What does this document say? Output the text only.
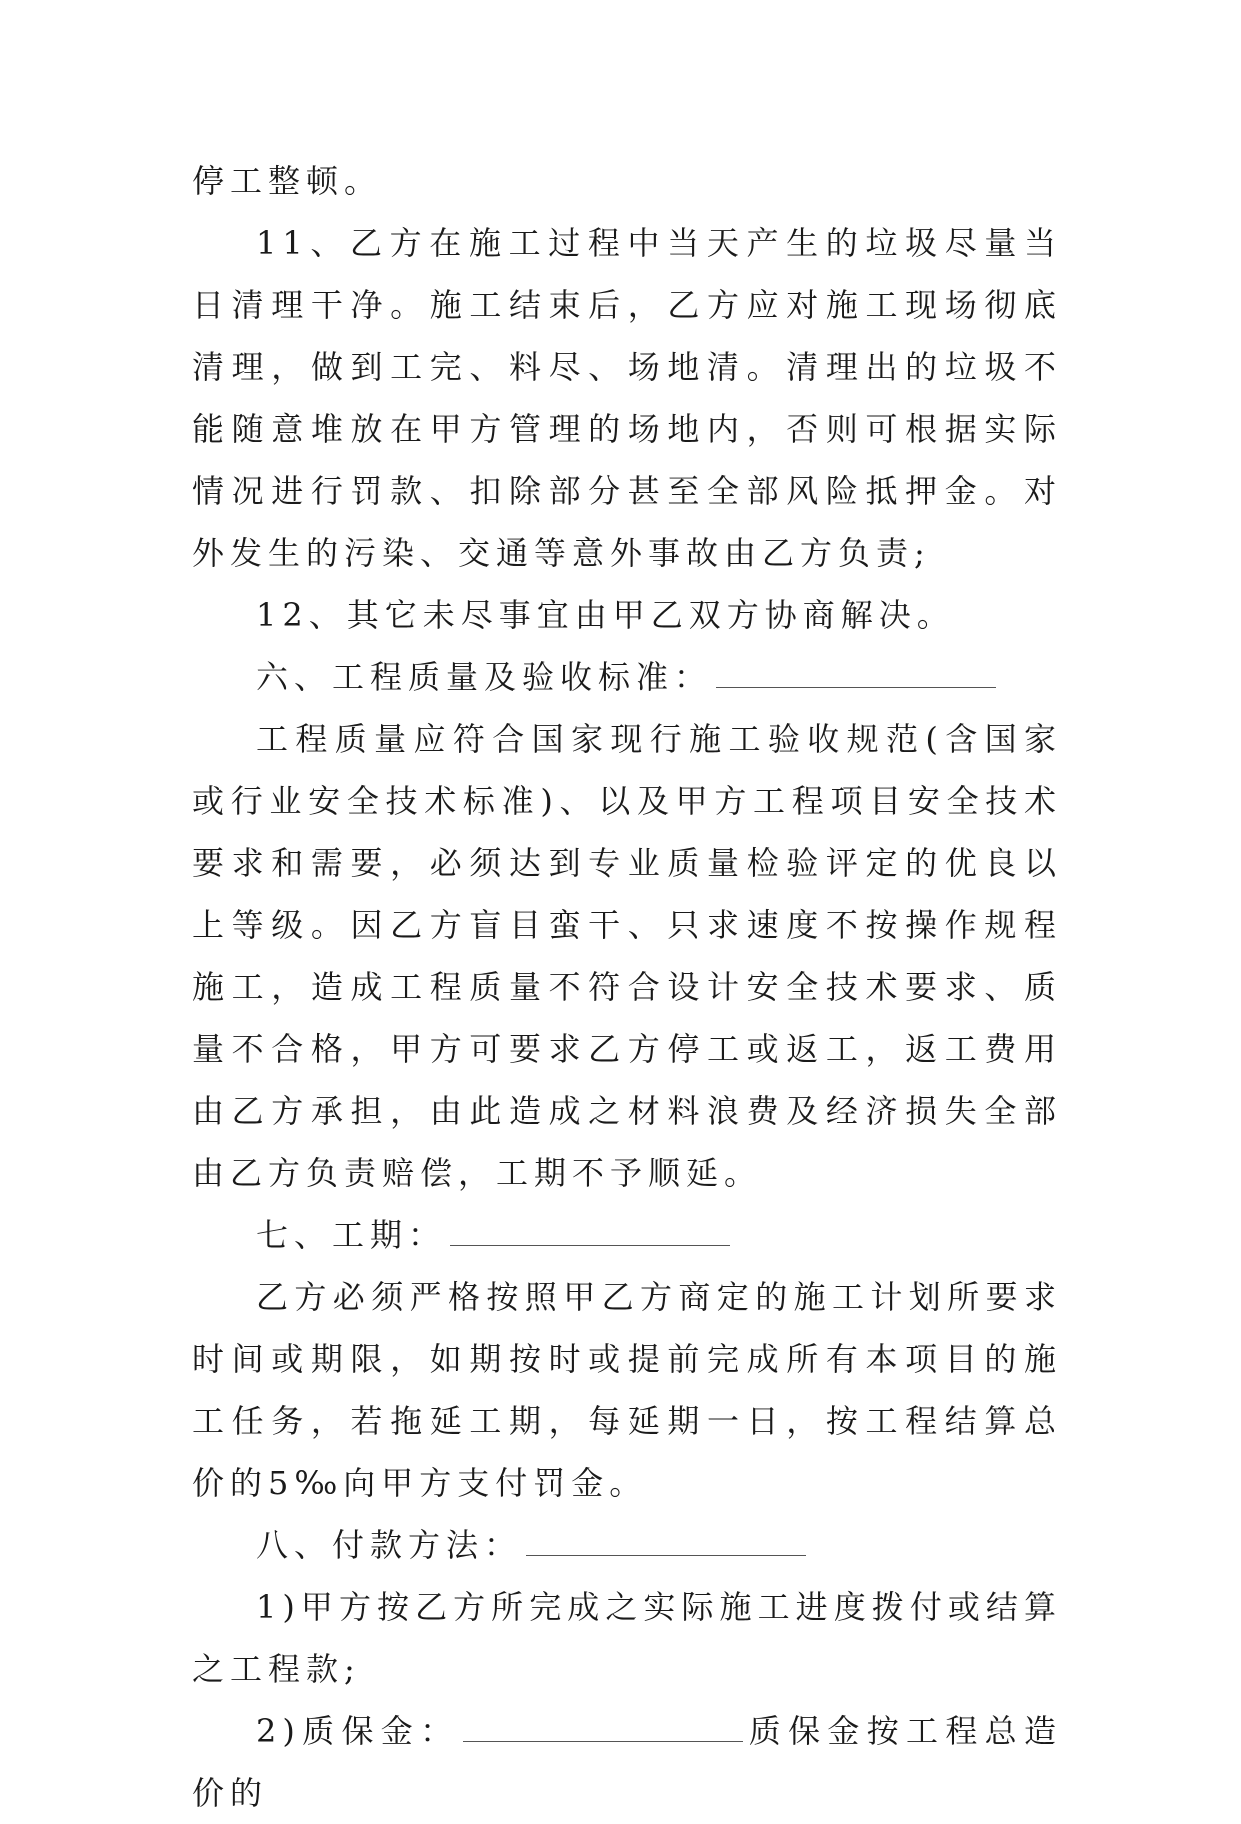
停工整顿。

11、乙方在施工过程中当天产生的垃圾尽量当日清理干净。施工结束后，乙方应对施工现场彻底清理，做到工完、料尽、场地清。清理出的垃圾不能随意堆放在甲方管理的场地内，否则可根据实际情况进行罚款、扣除部分甚至全部风险抵押金。对外发生的污染、交通等意外事故由乙方负责;

12、其它未尽事宜由甲乙双方协商解决。

六、工程质量及验收标准：

工程质量应符合国家现行施工验收规范(含国家或行业安全技术标准)、以及甲方工程项目安全技术要求和需要，必须达到专业质量检验评定的优良以上等级。因乙方盲目蛮干、只求速度不按操作规程施工，造成工程质量不符合设计安全技术要求、质量不合格，甲方可要求乙方停工或返工，返工费用由乙方承担，由此造成之材料浪费及经济损失全部由乙方负责赔偿，工期不予顺延。

七、工期：

乙方必须严格按照甲乙方商定的施工计划所要求时间或期限，如期按时或提前完成所有本项目的施工任务，若拖延工期，每延期一日，按工程结算总价的5‰向甲方支付罚金。

八、付款方法：

1)甲方按乙方所完成之实际施工进度拨付或结算之工程款;

2)质保金：	质保金按工程总造价的
